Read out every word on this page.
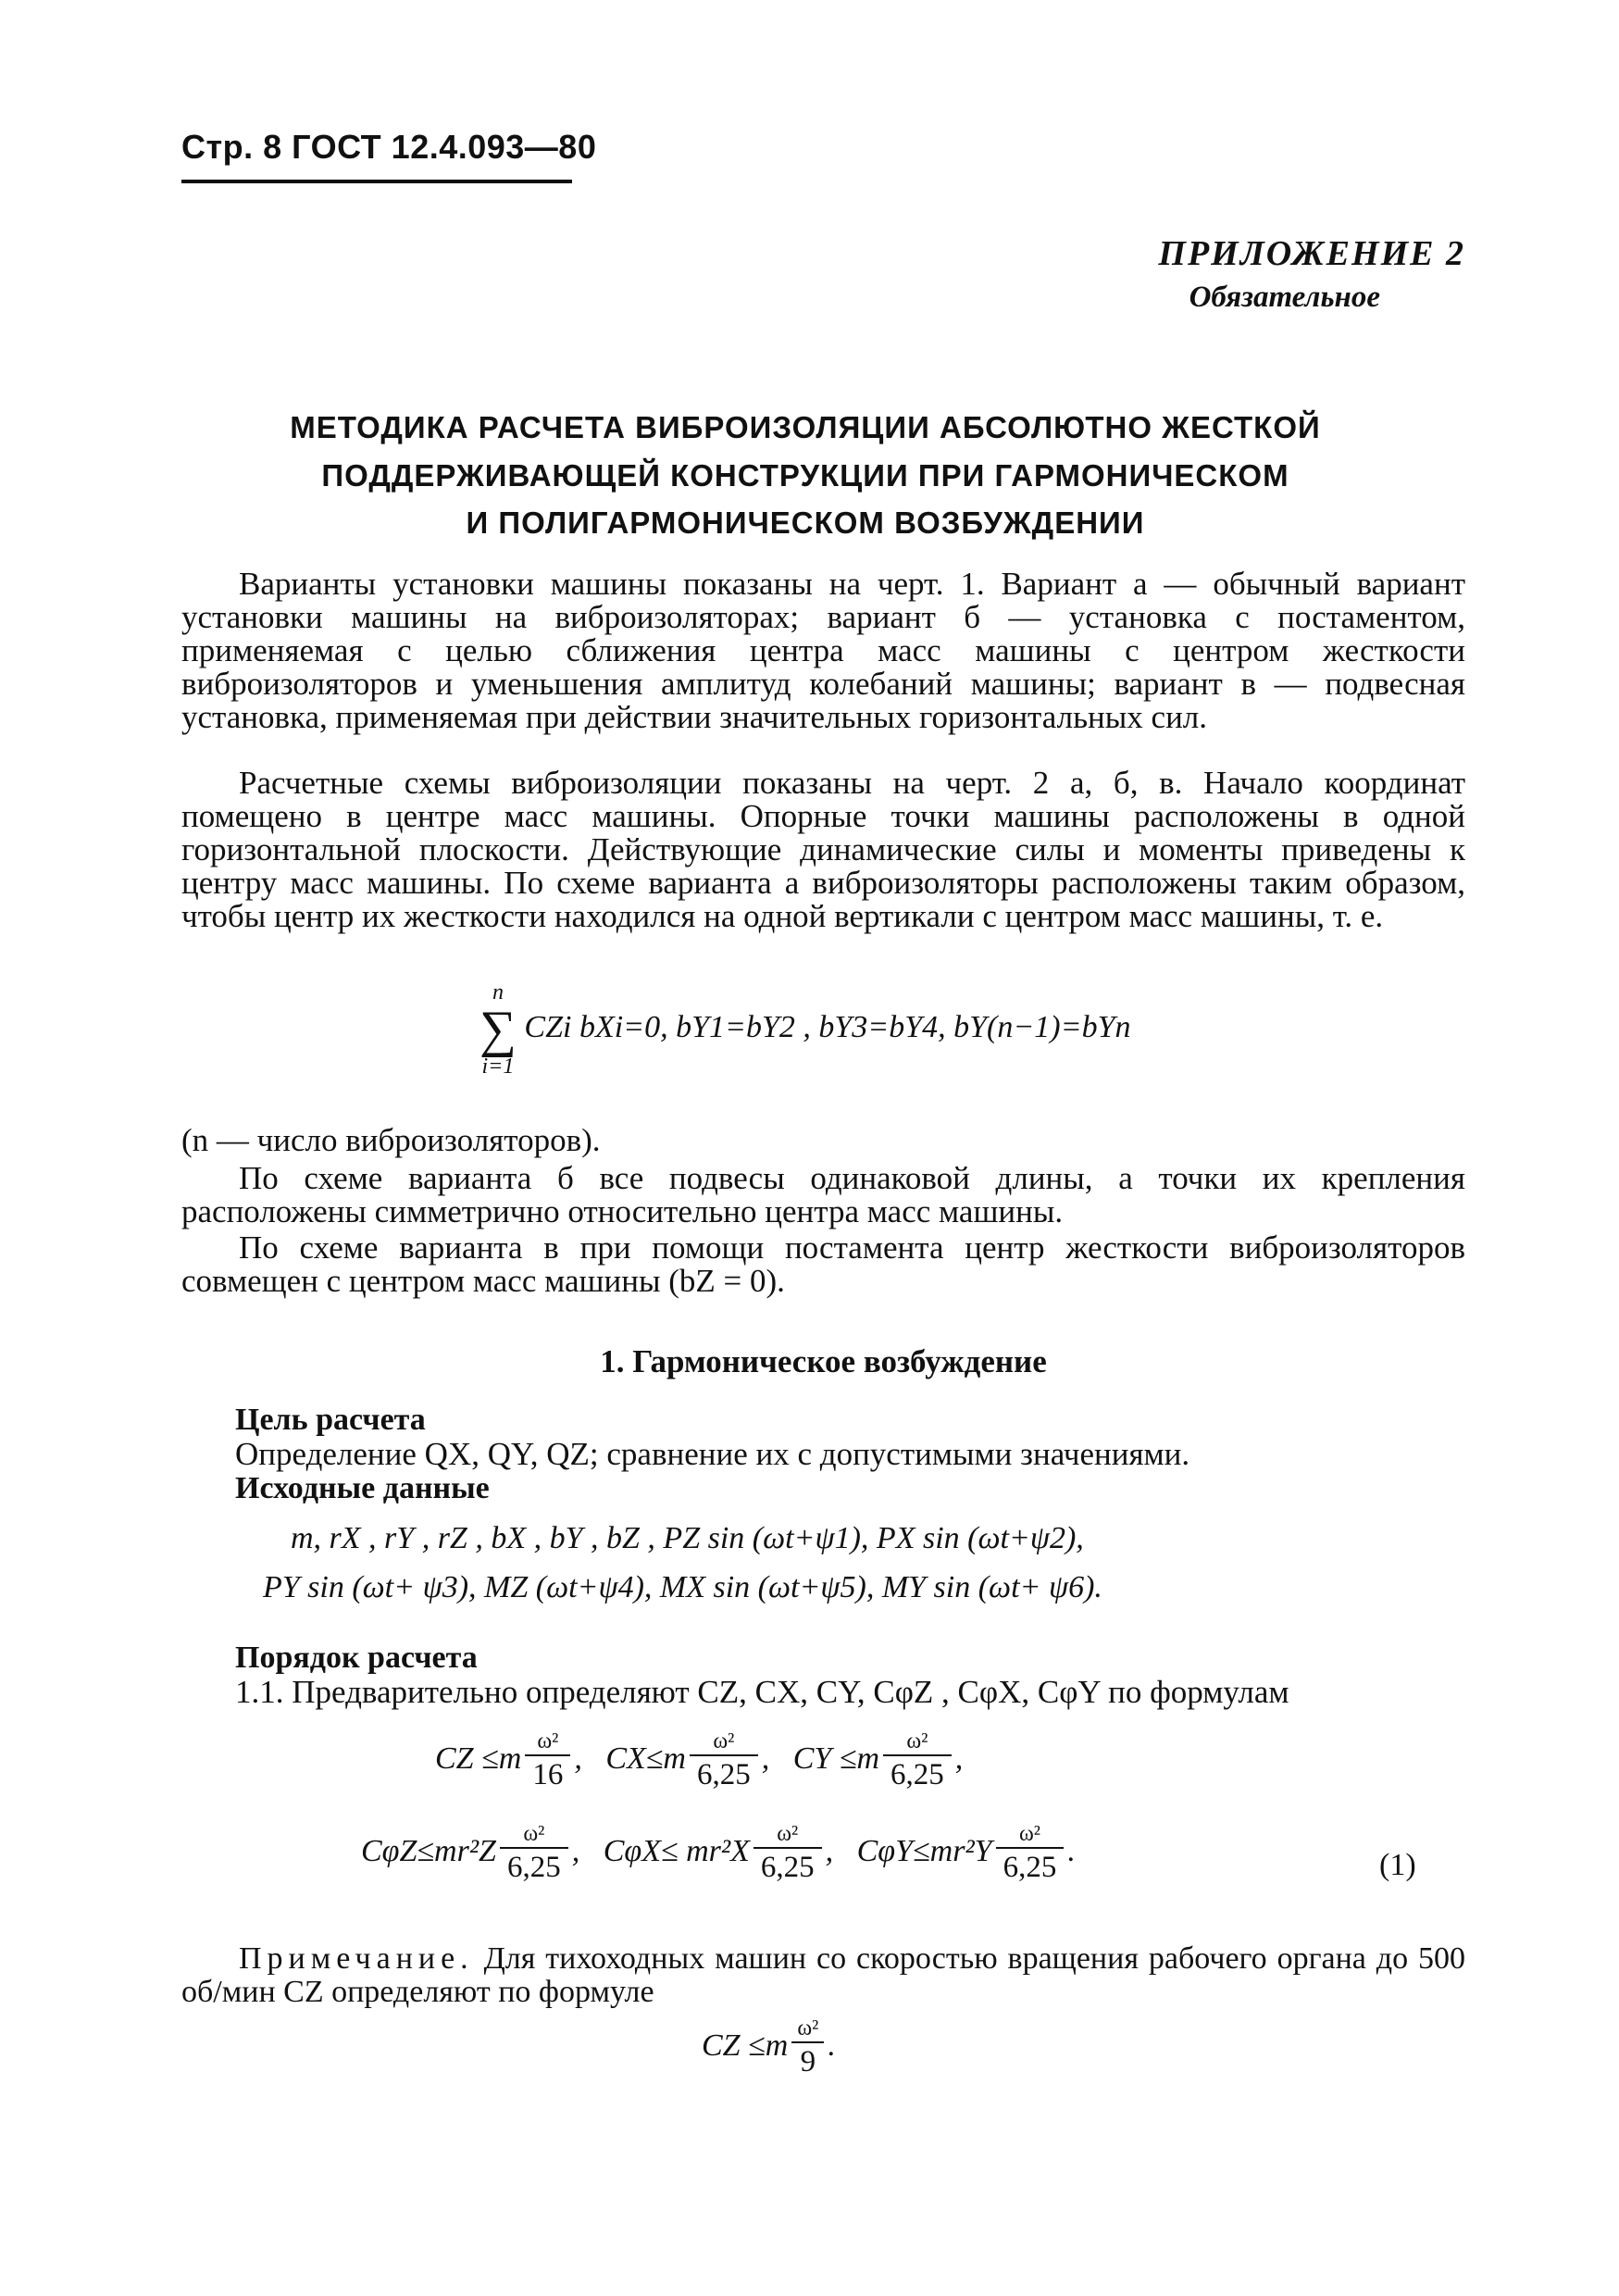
Стр. 8 ГОСТ 12.4.093—80
ПРИЛОЖЕНИЕ 2
Обязательное
МЕТОДИКА РАСЧЕТА ВИБРОИЗОЛЯЦИИ АБСОЛЮТНО ЖЕСТКОЙ
ПОДДЕРЖИВАЮЩЕЙ КОНСТРУКЦИИ ПРИ ГАРМОНИЧЕСКОМ
И ПОЛИГАРМОНИЧЕСКОМ ВОЗБУЖДЕНИИ
Варианты установки машины показаны на черт. 1. Вариант а — обычный вариант установки машины на виброизоляторах; вариант б — установка с постаментом, применяемая с целью сближения центра масс машины с центром жесткости виброизоляторов и уменьшения амплитуд колебаний машины; вариант в — подвесная установка, применяемая при действии значительных горизонтальных сил.
Расчетные схемы виброизоляции показаны на черт. 2 а, б, в. Начало координат помещено в центре масс машины. Опорные точки машины расположены в одной горизонтальной плоскости. Действующие динамические силы и моменты приведены к центру масс машины. По схеме варианта а виброизоляторы расположены таким образом, чтобы центр их жесткости находился на одной вертикали с центром масс машины, т. е.
n
∑
i=1
CZi bXi=0, bY1=bY2 , bY3=bY4, bY(n−1)=bYn
(n — число виброизоляторов).
По схеме варианта б все подвесы одинаковой длины, а точки их крепления расположены симметрично относительно центра масс машины.
По схеме варианта в при помощи постамента центр жесткости виброизоляторов совмещен с центром масс машины (bZ = 0).
1. Гармоническое возбуждение
Цель расчета
Определение QX, QY, QZ; сравнение их с допустимыми значениями.
Исходные данные
m, rX , rY , rZ , bX , bY , bZ , PZ sin (ωt+ψ1), PX sin (ωt+ψ2),
PY sin (ωt+ ψ3), MZ (ωt+ψ4), MX sin (ωt+ψ5), MY sin (ωt+ ψ6).
Порядок расчета
1.1. Предварительно определяют CZ, CX, CY, CφZ , CφX, CφY по формулам
CZ $\le m \frac{\text{ω²}}{16}$ , $CX\le m \frac{\text{ω²}}{6,25}$ , CY $\le m \frac{\text{ω²}}{6,25}$ ,
$C\varphi Z\le mr^2Z \frac{\text{ω²}}{6,25}$ , $C\varphi X\le mr^2X \frac{\text{ω²}}{6,25}$ , $C\varphi Y\le mr^2Y \frac{\text{ω²}}{6,25}$ .	(1)
Примечание. Для тихоходных машин со скоростью вращения рабочего органа до 500 об/мин CZ определяют по формуле
CZ $\le m \frac{\text{ω²}}{9}$ .
